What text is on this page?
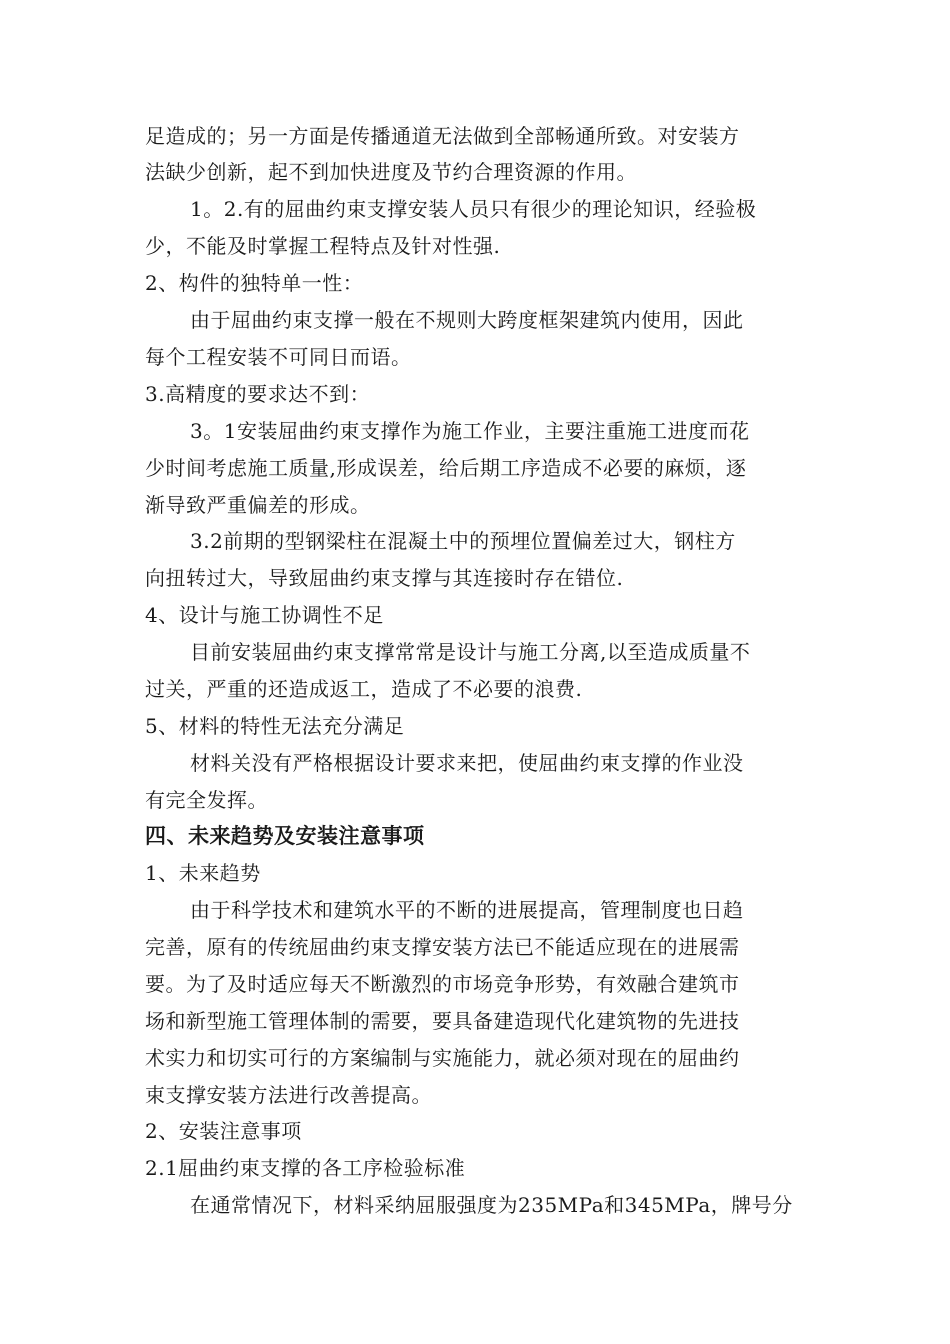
足造成的；另一方面是传播通道无法做到全部畅通所致。对安装方
法缺少创新，起不到加快进度及节约合理资源的作用。
1。2.有的屈曲约束支撑安装人员只有很少的理论知识，经验极
少，不能及时掌握工程特点及针对性强.
2、构件的独特单一性：
由于屈曲约束支撑一般在不规则大跨度框架建筑内使用，因此
每个工程安装不可同日而语。
3.高精度的要求达不到：
3。1安装屈曲约束支撑作为施工作业，主要注重施工进度而花
少时间考虑施工质量,形成误差，给后期工序造成不必要的麻烦，逐
渐导致严重偏差的形成。
3.2前期的型钢梁柱在混凝土中的预埋位置偏差过大，钢柱方
向扭转过大，导致屈曲约束支撑与其连接时存在错位.
4、设计与施工协调性不足
目前安装屈曲约束支撑常常是设计与施工分离,以至造成质量不
过关，严重的还造成返工，造成了不必要的浪费.
5、材料的特性无法充分满足
材料关没有严格根据设计要求来把，使屈曲约束支撑的作业没
有完全发挥。
四、未来趋势及安装注意事项
1、未来趋势
由于科学技术和建筑水平的不断的进展提高，管理制度也日趋
完善，原有的传统屈曲约束支撑安装方法已不能适应现在的进展需
要。为了及时适应每天不断激烈的市场竞争形势，有效融合建筑市
场和新型施工管理体制的需要，要具备建造现代化建筑物的先进技
术实力和切实可行的方案编制与实施能力，就必须对现在的屈曲约
束支撑安装方法进行改善提高。
2、安装注意事项
2.1屈曲约束支撑的各工序检验标准
在通常情况下，材料采纳屈服强度为235MPa和345MPa，牌号分
